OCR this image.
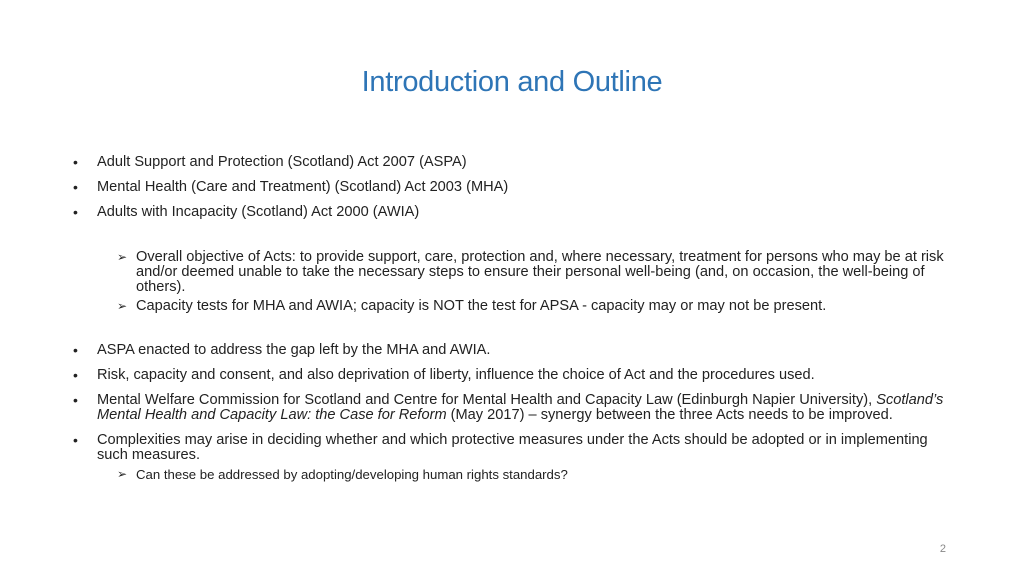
Introduction and Outline
• Adult Support and Protection (Scotland) Act 2007 (ASPA)
• Mental Health (Care and Treatment) (Scotland) Act 2003 (MHA)
• Adults with Incapacity (Scotland) Act 2000 (AWIA)
➢ Overall objective of Acts: to provide support, care, protection and, where necessary, treatment for persons who may be at risk and/or deemed unable to take the necessary steps to ensure their personal well-being (and, on occasion, the well-being of others).
➢ Capacity tests for MHA and AWIA; capacity is NOT the test for APSA - capacity may or may not be present.
• ASPA enacted to address the gap left by the MHA and AWIA.
• Risk, capacity and consent, and also deprivation of liberty, influence the choice of Act and the procedures used.
• Mental Welfare Commission for Scotland and Centre for Mental Health and Capacity Law (Edinburgh Napier University), Scotland’s Mental Health and Capacity Law: the Case for Reform (May 2017) – synergy between the three Acts needs to be improved.
• Complexities may arise in deciding whether and which protective measures under the Acts should be adopted or in implementing such measures.
➢ Can these be addressed by adopting/developing human rights standards?
2
